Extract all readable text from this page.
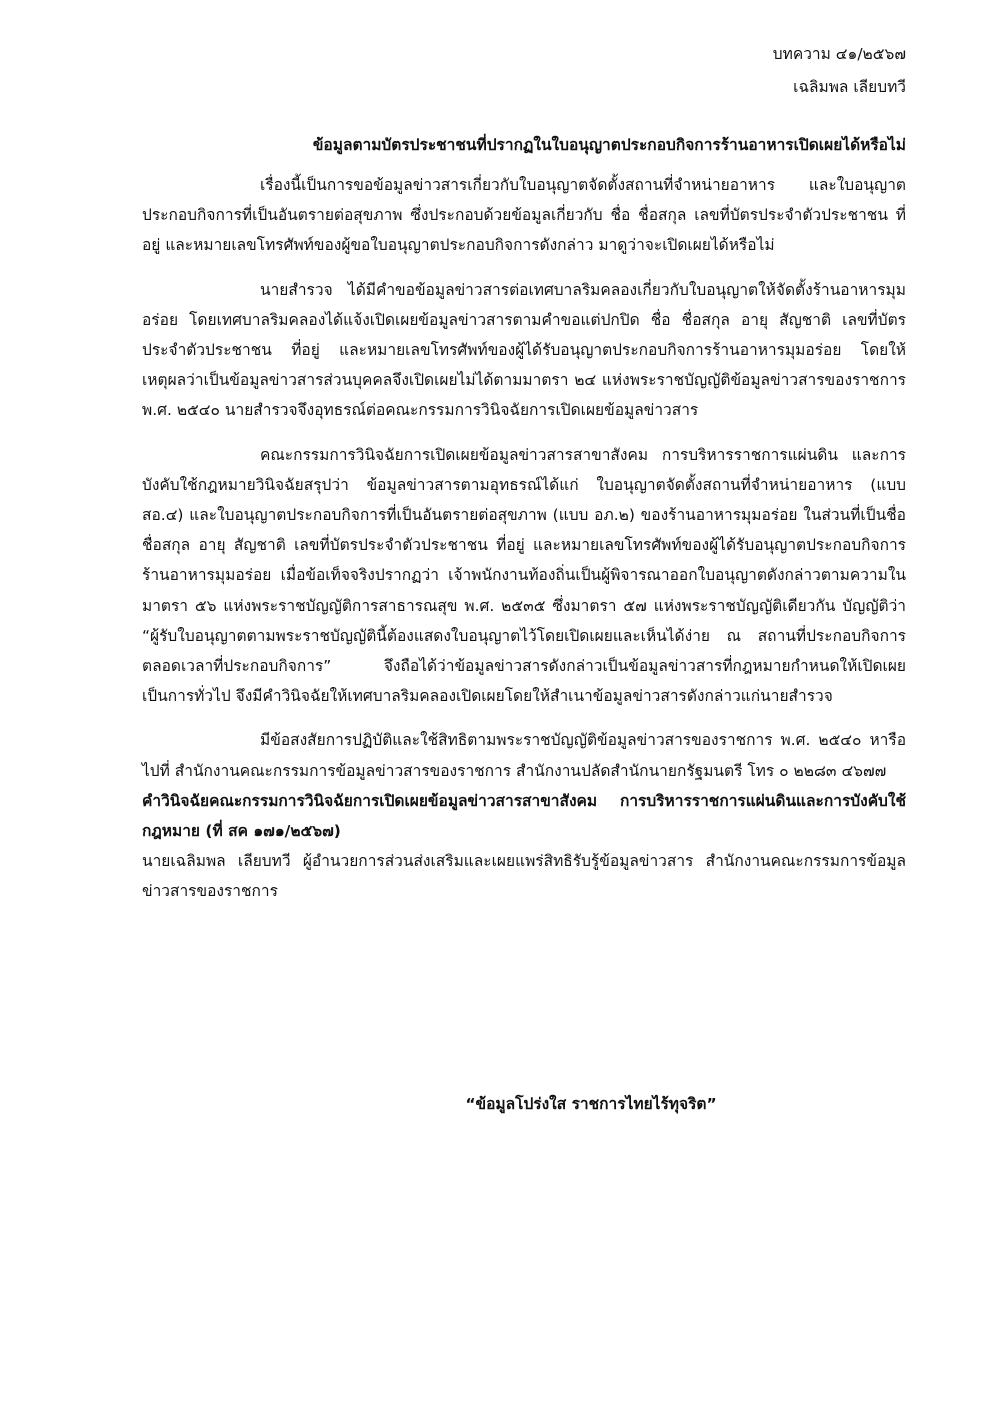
บทความ ๔๑/๒๕๖๗
เฉลิมพล เลียบทวี
ข้อมูลตามบัตรประชาชนที่ปรากฏในใบอนุญาตประกอบกิจการร้านอาหารเปิดเผยได้หรือไม่

เรื่องนี้เป็นการขอข้อมูลข่าวสารเกี่ยวกับใบอนุญาตจัดตั้งสถานที่จำหน่ายอาหาร และใบอนุญาตประกอบกิจการที่เป็นอันตรายต่อสุขภาพ ซึ่งประกอบด้วยข้อมูลเกี่ยวกับ ชื่อ ชื่อสกุล เลขที่บัตรประจำตัวประชาชน ที่อยู่ และหมายเลขโทรศัพท์ของผู้ขอใบอนุญาตประกอบกิจการดังกล่าว มาดูว่าจะเปิดเผยได้หรือไม่

นายสำรวจ ได้มีคำขอข้อมูลข่าวสารต่อเทศบาลริมคลองเกี่ยวกับใบอนุญาตให้จัดตั้งร้านอาหารมุมอร่อย โดยเทศบาลริมคลองได้แจ้งเปิดเผยข้อมูลข่าวสารตามคำขอแต่ปกปิด ชื่อ ชื่อสกุล อายุ สัญชาติ เลขที่บัตรประจำตัวประชาชน ที่อยู่ และหมายเลขโทรศัพท์ของผู้ได้รับอนุญาตประกอบกิจการร้านอาหารมุมอร่อย โดยให้เหตุผลว่าเป็นข้อมูลข่าวสารส่วนบุคคลจึงเปิดเผยไม่ได้ตามมาตรา ๒๔ แห่งพระราชบัญญัติข้อมูลข่าวสารของราชการ พ.ศ. ๒๕๔๐ นายสำรวจจึงอุทธรณ์ต่อคณะกรรมการวินิจฉัยการเปิดเผยข้อมูลข่าวสาร

คณะกรรมการวินิจฉัยการเปิดเผยข้อมูลข่าวสารสาขาสังคม การบริหารราชการแผ่นดิน และการบังคับใช้กฎหมายวินิจฉัยสรุปว่า ข้อมูลข่าวสารตามอุทธรณ์ได้แก่ ใบอนุญาตจัดตั้งสถานที่จำหน่ายอาหาร (แบบ สอ.๔) และใบอนุญาตประกอบกิจการที่เป็นอันตรายต่อสุขภาพ (แบบ อภ.๒) ของร้านอาหารมุมอร่อย ในส่วนที่เป็นชื่อ ชื่อสกุล อายุ สัญชาติ เลขที่บัตรประจำตัวประชาชน ที่อยู่ และหมายเลขโทรศัพท์ของผู้ได้รับอนุญาตประกอบกิจการร้านอาหารมุมอร่อย เมื่อข้อเท็จจริงปรากฏว่า เจ้าพนักงานท้องถิ่นเป็นผู้พิจารณาออกใบอนุญาตดังกล่าวตามความในมาตรา ๕๖ แห่งพระราชบัญญัติการสาธารณสุข พ.ศ. ๒๕๓๕ ซึ่งมาตรา ๕๗ แห่งพระราชบัญญัติเดียวกัน บัญญัติว่า “ผู้รับใบอนุญาตตามพระราชบัญญัตินี้ต้องแสดงใบอนุญาตไว้โดยเปิดเผยและเห็นได้ง่าย ณ สถานที่ประกอบกิจการตลอดเวลาที่ประกอบกิจการ” จึงถือได้ว่าข้อมูลข่าวสารดังกล่าวเป็นข้อมูลข่าวสารที่กฎหมายกำหนดให้เปิดเผยเป็นการทั่วไป จึงมีคำวินิจฉัยให้เทศบาลริมคลองเปิดเผยโดยให้สำเนาข้อมูลข่าวสารดังกล่าวแก่นายสำรวจ

มีข้อสงสัยการปฏิบัติและใช้สิทธิตามพระราชบัญญัติข้อมูลข่าวสารของราชการ พ.ศ. ๒๕๔๐ หารือไปที่ สำนักงานคณะกรรมการข้อมูลข่าวสารของราชการ สำนักงานปลัดสำนักนายกรัฐมนตรี โทร ๐ ๒๒๘๓ ๔๖๗๗

คำวินิจฉัยคณะกรรมการวินิจฉัยการเปิดเผยข้อมูลข่าวสารสาขาสังคม การบริหารราชการแผ่นดินและการบังคับใช้กฎหมาย (ที่ สค ๑๗๑/๒๕๖๗)

นายเฉลิมพล เลียบทวี ผู้อำนวยการส่วนส่งเสริมและเผยแพร่สิทธิรับรู้ข้อมูลข่าวสาร สำนักงานคณะกรรมการข้อมูลข่าวสารของราชการ

“ข้อมูลโปร่งใส ราชการไทยไร้ทุจริต”
